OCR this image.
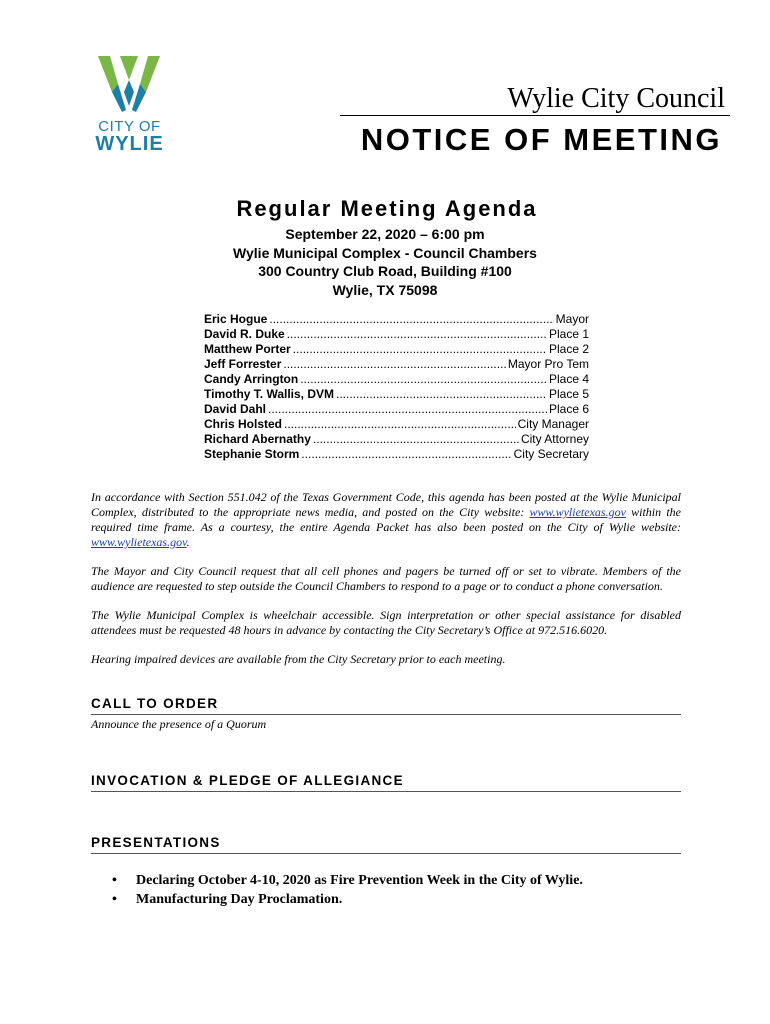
CITY OF
WYLIE
Wylie City Council
NOTICE OF MEETING
Regular Meeting Agenda
September 22, 2020 – 6:00 pm
Wylie Municipal Complex - Council Chambers
300 Country Club Road, Building #100
Wylie, TX 75098
Eric Hogue .....	Mayor
David R. Duke .....	Place 1
Matthew Porter .....	Place 2
Jeff Forrester .....	Mayor Pro Tem
Candy Arrington .....	Place 4
Timothy T. Wallis, DVM .....	Place 5
David Dahl .....	Place 6
Chris Holsted .....	City Manager
Richard Abernathy .....	City Attorney
Stephanie Storm .....	City Secretary

In accordance with Section 551.042 of the Texas Government Code, this agenda has been posted at the Wylie Municipal Complex, distributed to the appropriate news media, and posted on the City website: www.wylietexas.gov within the required time frame. As a courtesy, the entire Agenda Packet has also been posted on the City of Wylie website: www.wylietexas.gov.

The Mayor and City Council request that all cell phones and pagers be turned off or set to vibrate. Members of the audience are requested to step outside the Council Chambers to respond to a page or to conduct a phone conversation.

The Wylie Municipal Complex is wheelchair accessible. Sign interpretation or other special assistance for disabled attendees must be requested 48 hours in advance by contacting the City Secretary’s Office at 972.516.6020.

Hearing impaired devices are available from the City Secretary prior to each meeting.

CALL TO ORDER
Announce the presence of a Quorum
INVOCATION & PLEDGE OF ALLEGIANCE
PRESENTATIONS
•	Declaring October 4-10, 2020 as Fire Prevention Week in the City of Wylie.
•	Manufacturing Day Proclamation.
